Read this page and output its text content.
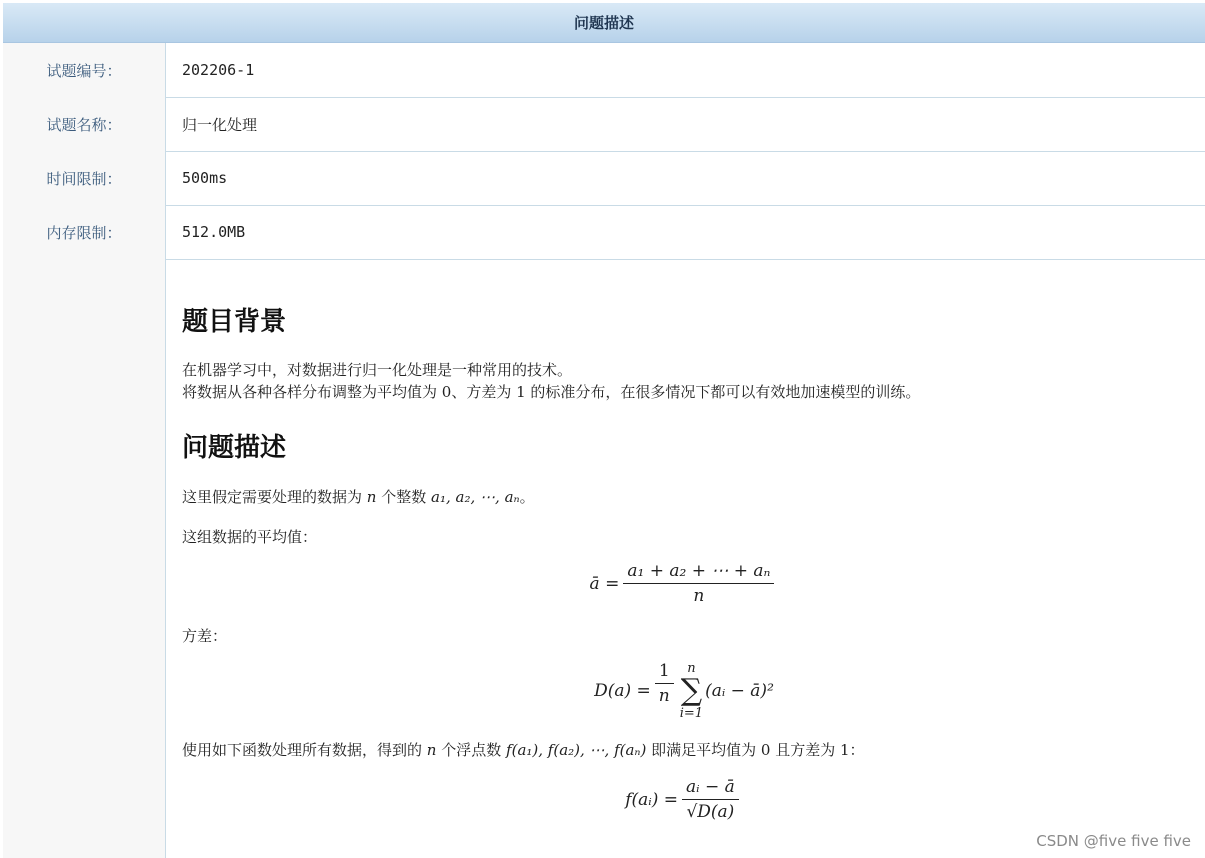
问题描述
试题编号：	202206-1
试题名称：	归一化处理
时间限制：	500ms
内存限制：	512.0MB
题目背景
在机器学习中，对数据进行归一化处理是一种常用的技术。
将数据从各种各样分布调整为平均值为 0、方差为 1 的标准分布，在很多情况下都可以有效地加速模型的训练。
问题描述
这里假定需要处理的数据为 n 个整数 a₁, a₂, ⋯, aₙ。
这组数据的平均值：
ā = $\frac{\text{a₁ + a₂ + ⋯ + aₙ}}{n}$
方差：
$D(a) = \frac{1}{n}$ n
∑
i=1
(aᵢ − ā)²
使用如下函数处理所有数据，得到的 n 个浮点数 f(a₁), f(a₂), ⋯, f(aₙ) 即满足平均值为 0 且方差为 1：
f(aᵢ) = $\frac{\text{aᵢ − ā}}{√D(a)}$
CSDN @five five five
